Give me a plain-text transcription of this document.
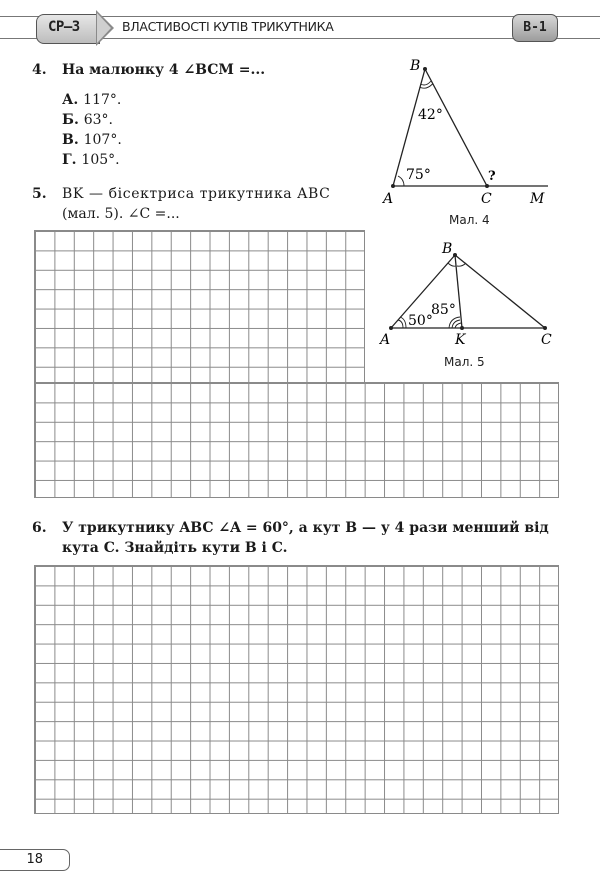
СР–3	ВЛАСТИВОСТІ КУТІВ ТРИКУТНИКА	В-1
4. На малюнку 4 ∠BCM =...
А. 117°.
Б. 63°.
В. 107°.
Г. 105°.
B
42°
75°	?
A	C	M
Мал. 4
5. BK — бісектриса трикутника ABC
(мал. 5). ∠C =...
B
50°
85°
A	K	C
Мал. 5
6. У трикутнику ABC ∠A = 60°, а кут B — у 4 рази менший від
кута C. Знайдіть кути B і C.
18
